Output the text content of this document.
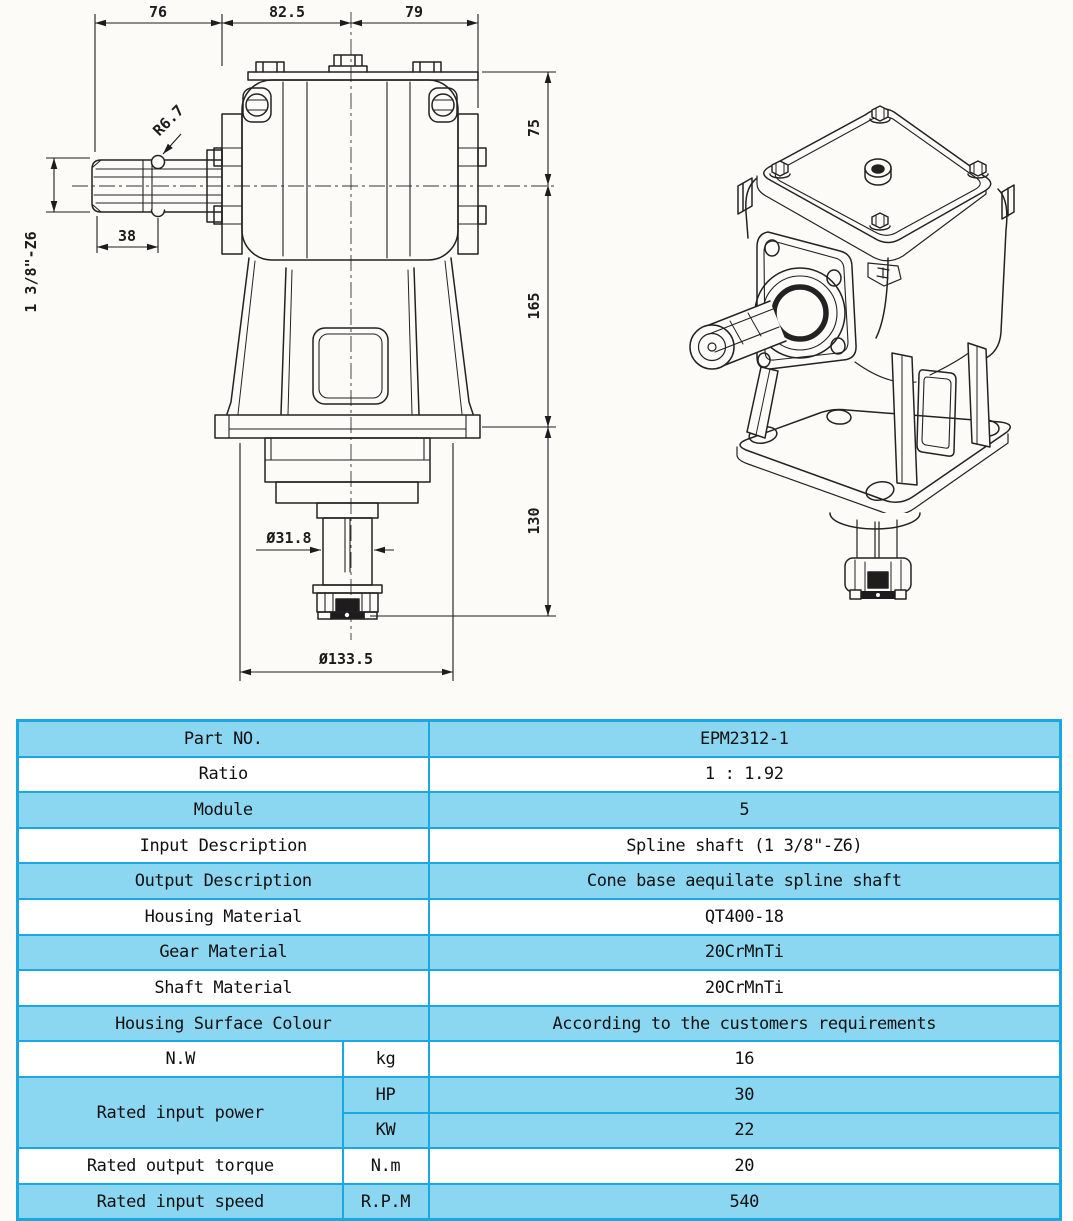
76	82.5	79
75
165
130
1 3/8"-Z6	38
R6.7
Ø31.8
Ø133.5
Part NO.		EPM2312-1
Ratio		1 : 1.92
Module		5
Input Description		Spline shaft (1 3/8"-Z6)
Output Description		Cone base aequilate spline shaft
Housing Material		QT400-18
Gear Material		20CrMnTi
Shaft Material		20CrMnTi
Housing Surface Colour		According to the customers requirements
N.W	kg	16
Rated input power	HP	30
	KW	22
Rated output torque	N.m	20
Rated input speed	R.P.M	540
